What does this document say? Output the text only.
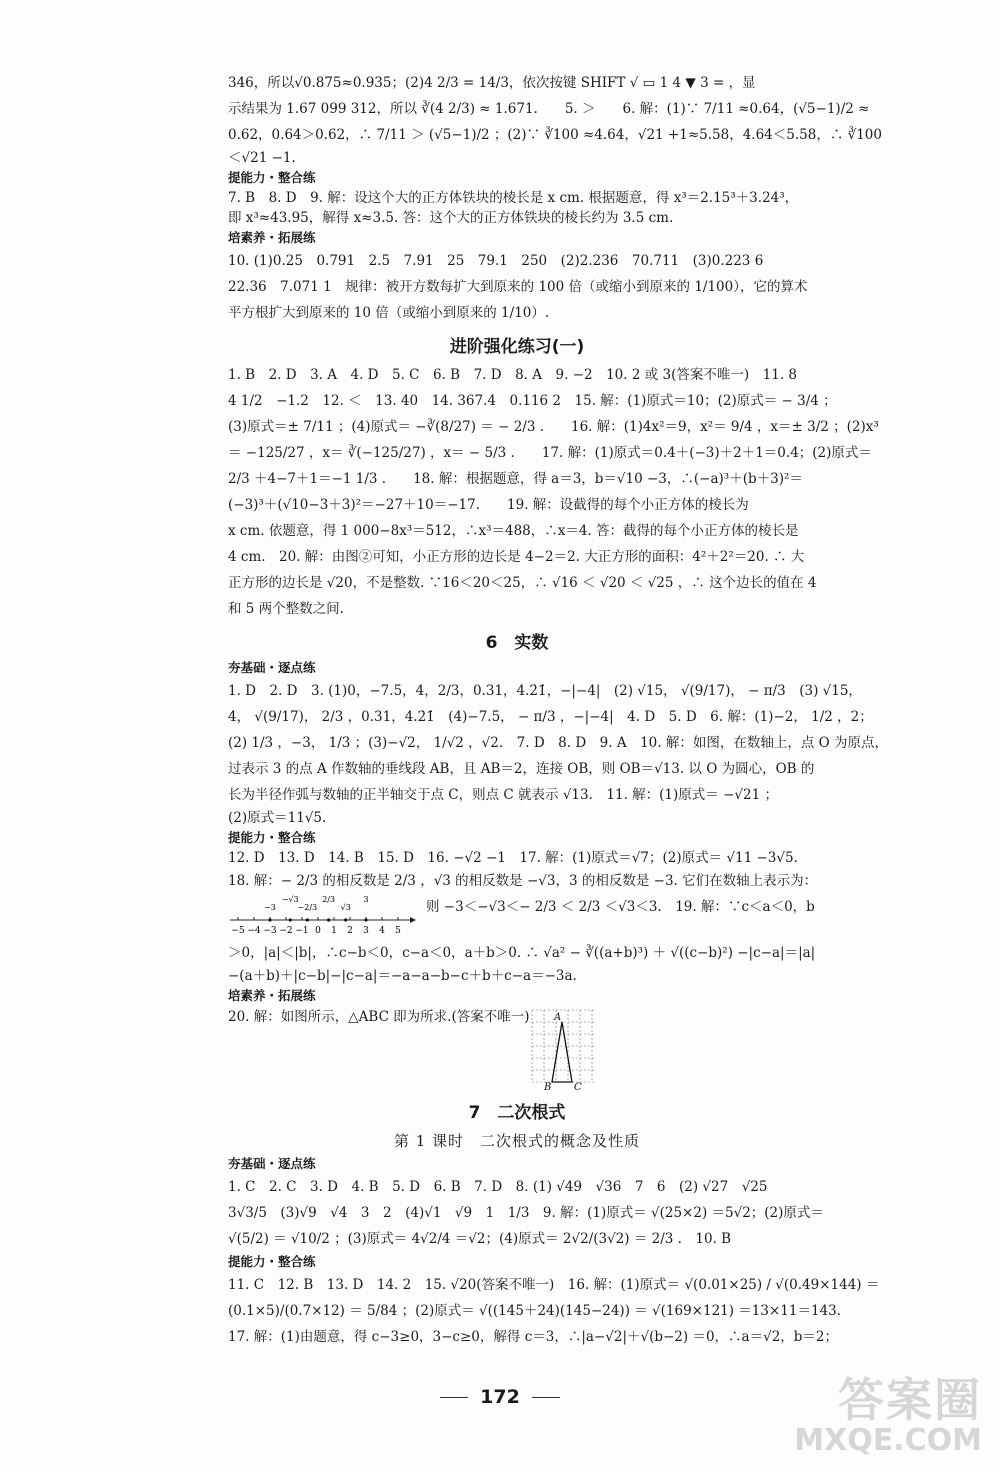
346，所以√0.875≈0.935；(2)4 2/3 = 14/3，依次按键 SHIFT √ ▭ 1 4 ▼ 3 = ，显
示结果为 1.67 099 312，所以 ∛(4 2/3) ≈ 1.671.　　5. ＞　　6. 解：(1)∵ 7/11 ≈0.64，(√5−1)/2 ≈
0.62，0.64＞0.62，∴ 7/11 ＞ (√5−1)/2 ；(2)∵ ∛100 ≈4.64，√21 +1≈5.58，4.64＜5.58，∴ ∛100
＜√21 −1.
提能力・整合练
7. B　8. D　9. 解：设这个大的正方体铁块的棱长是 x cm. 根据题意，得 x³＝2.15³＋3.24³，
即 x³≈43.95，解得 x≈3.5. 答：这个大的正方体铁块的棱长约为 3.5 cm.
培素养・拓展练
10. (1)0.25　0.791　2.5　7.91　25　79.1　250　(2)2.236　70.711　(3)0.223 6
22.36　7.071 1　规律：被开方数每扩大到原来的 100 倍（或缩小到原来的 1/100），它的算术
平方根扩大到原来的 10 倍（或缩小到原来的 1/10）.
进阶强化练习(一)
1. B　2. D　3. A　4. D　5. C　6. B　7. D　8. A　9. −2　10. 2 或 3(答案不唯一)　11. 8
4 1/2　−1.2　12. ＜　13. 40　14. 367.4　0.116 2　15. 解：(1)原式＝10；(2)原式＝ − 3/4 ；
(3)原式＝± 7/11 ；(4)原式＝ −∛(8/27) ＝ − 2/3 .　　16. 解：(1)4x²＝9，x²＝ 9/4 ，x＝± 3/2 ；(2)x³
＝ −125/27 ，x＝ ∛(−125/27) ，x＝ − 5/3 .　　17. 解：(1)原式＝0.4＋(−3)＋2＋1＝0.4；(2)原式＝
2/3 ＋4−7＋1＝−1 1/3 .　　18. 解：根据题意，得 a＝3，b＝√10 −3，∴(−a)³＋(b＋3)²＝
(−3)³＋(√10−3＋3)²＝−27＋10＝−17.　　19. 解：设截得的每个小正方体的棱长为
x cm. 依题意，得 1 000−8x³＝512，∴x³＝488，∴x＝4. 答：截得的每个小正方体的棱长是
4 cm.　20. 解：由图②可知，小正方形的边长是 4−2＝2. 大正方形的面积：4²＋2²＝20. ∴ 大
正方形的边长是 √20，不是整数. ∵16＜20＜25，∴ √16 ＜ √20 ＜ √25 ，∴ 这个边长的值在 4
和 5 两个整数之间.
6　实数
夯基础・逐点练
1. D　2. D　3. (1)0，−7.5，4，2/3，0.31，4.2̇1̇，−|−4|　(2) √15， √(9/17)， − π/3　(3) √15，
4， √(9/17)， 2/3 ，0.31，4.2̇1̇　(4)−7.5， − π/3 ，−|−4|　4. D　5. D　6. 解：(1)−2， 1/2 ，2；
(2) 1/3 ，−3， 1/3 ；(3)−√2， 1/√2 ，√2.　7. D　8. D　9. A　10. 解：如图，在数轴上，点 O 为原点，
过表示 3 的点 A 作数轴的垂线段 AB，且 AB＝2，连接 OB，则 OB＝√13. 以 O 为圆心，OB 的
长为半径作弧与数轴的正半轴交于点 C，则点 C 就表示 √13.　11. 解：(1)原式＝ −√21 ；
(2)原式＝11√5.
提能力・整合练
12. D　13. D　14. B　15. D　16. −√2 −1　17. 解：(1)原式＝√7；(2)原式＝ √11 −3√5.
18. 解：− 2/3 的相反数是 2/3 ，√3 的相反数是 −√3，3 的相反数是 −3. 它们在数轴上表示为：
−5 −4 −3 −2 −1 0 1 2 3 4 5
−3
−√3
−2/3
2/3
√3
3	则 −3＜−√3＜− 2/3 ＜ 2/3 ＜√3＜3.　19. 解：∵c＜a＜0，b
＞0，|a|＜|b|，∴c−b＜0，c−a＜0，a＋b＞0. ∴ √a² − ∛((a+b)³) ＋ √((c−b)²) −|c−a|＝|a|
−(a＋b)＋|c−b|−|c−a|＝−a−a−b−c＋b＋c−a＝−3a.
培素养・拓展练
20. 解：如图所示，△ABC 即为所求.(答案不唯一) A
B C
7　二次根式
第 1 课时　二次根式的概念及性质
夯基础・逐点练
1. C　2. C　3. D　4. B　5. D　6. B　7. D　8. (1) √49　√36　7　6　(2) √27　√25
3√3/5　(3)√9　√4　3　2　(4)√1　√9　1　1/3　9. 解：(1)原式＝ √(25×2) ＝5√2；(2)原式＝
√(5/2) ＝ √10/2 ；(3)原式＝ 4√2/4 ＝√2；(4)原式＝ 2√2/(3√2) ＝ 2/3 .　10. B
提能力・整合练
11. C　12. B　13. D　14. 2　15. √20(答案不唯一)　16. 解：(1)原式＝ √(0.01×25) / √(0.49×144) ＝
(0.1×5)/(0.7×12) ＝ 5/84 ；(2)原式＝ √((145＋24)(145−24)) ＝ √(169×121) ＝13×11＝143.
17. 解：(1)由题意，得 c−3≥0，3−c≥0，解得 c＝3，∴|a−√2|＋√(b−2) ＝0，∴a＝√2，b＝2；
172	答案圈
MXQE.COM
